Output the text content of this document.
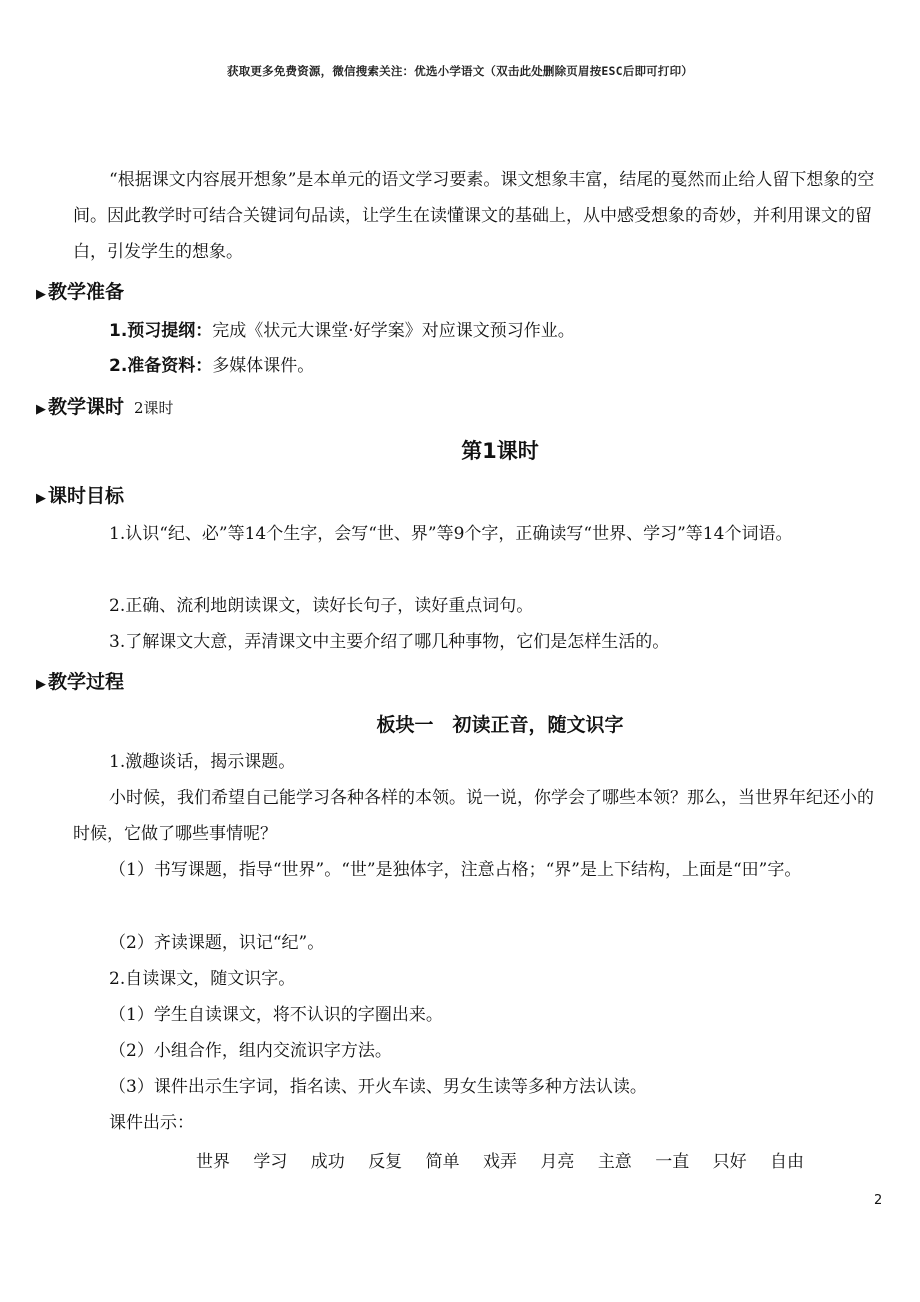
获取更多免费资源，微信搜索关注：优选小学语文（双击此处删除页眉按ESC后即可打印）
“根据课文内容展开想象”是本单元的语文学习要素。课文想象丰富，结尾的戛然而止给人留下想象的空间。因此教学时可结合关键词句品读，让学生在读懂课文的基础上，从中感受想象的奇妙，并利用课文的留白，引发学生的想象。
▶ 教学准备
1.预习提纲：完成《状元大课堂·好学案》对应课文预习作业。
2.准备资料：多媒体课件。
▶ 教学课时 2课时
第1课时
▶ 课时目标
1.认识“纪、必”等14个生字，会写“世、界”等9个字，正确读写“世界、学习”等14个词语。
2.正确、流利地朗读课文，读好长句子，读好重点词句。
3.了解课文大意，弄清课文中主要介绍了哪几种事物，它们是怎样生活的。
▶ 教学过程
板块一　初读正音，随文识字
1.激趣谈话，揭示课题。
小时候，我们希望自己能学习各种各样的本领。说一说，你学会了哪些本领？那么，当世界年纪还小的时候，它做了哪些事情呢？
（1）书写课题，指导“世界”。“世”是独体字，注意占格；“界”是上下结构，上面是“田”字。
（2）齐读课题，识记“纪”。
2.自读课文，随文识字。
（1）学生自读课文，将不认识的字圈出来。
（2）小组合作，组内交流识字方法。
（3）课件出示生字词，指名读、开火车读、男女生读等多种方法认读。
课件出示：
世界 学习 成功 反复 简单 戏弄 月亮 主意 一直 只好 自由
2
